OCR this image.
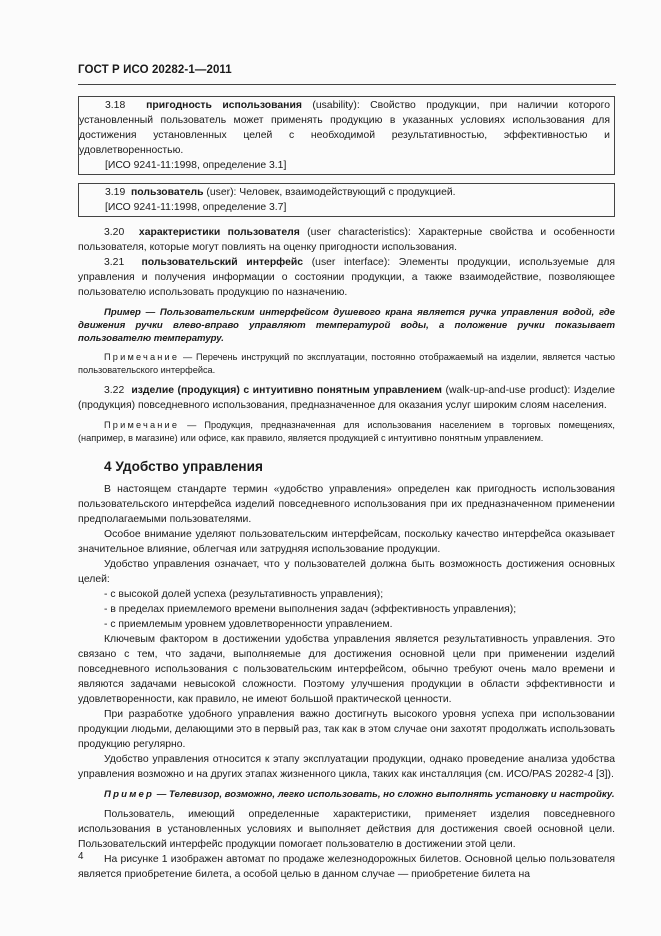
ГОСТ Р ИСО 20282-1—2011

3.18 пригодность использования (usability): Свойство продукции, при наличии которого установленный пользователь может применять продукцию в указанных условиях использования для достижения установленных целей с необходимой результативностью, эффективностью и удовлетворенностью.

[ИСО 9241-11:1998, определение 3.1]

3.19 пользователь (user): Человек, взаимодействующий с продукцией.

[ИСО 9241-11:1998, определение 3.7]

3.20 характеристики пользователя (user characteristics): Характерные свойства и особенности пользователя, которые могут повлиять на оценку пригодности использования.

3.21 пользовательский интерфейс (user interface): Элементы продукции, используемые для управления и получения информации о состоянии продукции, а также взаимодействие, позволяющее пользователю использовать продукцию по назначению.

Пример — Пользовательским интерфейсом душевого крана является ручка управления водой, где движения ручки влево-вправо управляют температурой воды, а положение ручки показывает пользователю температуру.

Примечание — Перечень инструкций по эксплуатации, постоянно отображаемый на изделии, является частью пользовательского интерфейса.

3.22 изделие (продукция) с интуитивно понятным управлением (walk-up-and-use product): Изделие (продукция) повседневного использования, предназначенное для оказания услуг широким слоям населения.

Примечание — Продукция, предназначенная для использования населением в торговых помещениях, (например, в магазине) или офисе, как правило, является продукцией с интуитивно понятным управлением.

4 Удобство управления

В настоящем стандарте термин «удобство управления» определен как пригодность использования пользовательского интерфейса изделий повседневного использования при их предназначенном применении предполагаемыми пользователями.

Особое внимание уделяют пользовательским интерфейсам, поскольку качество интерфейса оказывает значительное влияние, облегчая или затрудняя использование продукции.

Удобство управления означает, что у пользователей должна быть возможность достижения основных целей:

- с высокой долей успеха (результативность управления);

- в пределах приемлемого времени выполнения задач (эффективность управления);

- с приемлемым уровнем удовлетворенности управлением.

Ключевым фактором в достижении удобства управления является результативность управления. Это связано с тем, что задачи, выполняемые для достижения основной цели при применении изделий повседневного использования с пользовательским интерфейсом, обычно требуют очень мало времени и являются задачами невысокой сложности. Поэтому улучшения продукции в области эффективности и удовлетворенности, как правило, не имеют большой практической ценности.

При разработке удобного управления важно достигнуть высокого уровня успеха при использовании продукции людьми, делающими это в первый раз, так как в этом случае они захотят продолжать использовать продукцию регулярно.

Удобство управления относится к этапу эксплуатации продукции, однако проведение анализа удобства управления возможно и на других этапах жизненного цикла, таких как инсталляция (см. ИСО/PAS 20282-4 [3]).

Пример — Телевизор, возможно, легко использовать, но сложно выполнять установку и настройку.

Пользователь, имеющий определенные характеристики, применяет изделия повседневного использования в установленных условиях и выполняет действия для достижения своей основной цели. Пользовательский интерфейс продукции помогает пользователю в достижении этой цели.

На рисунке 1 изображен автомат по продаже железнодорожных билетов. Основной целью пользователя является приобретение билета, а особой целью в данном случае — приобретение билета на

4
